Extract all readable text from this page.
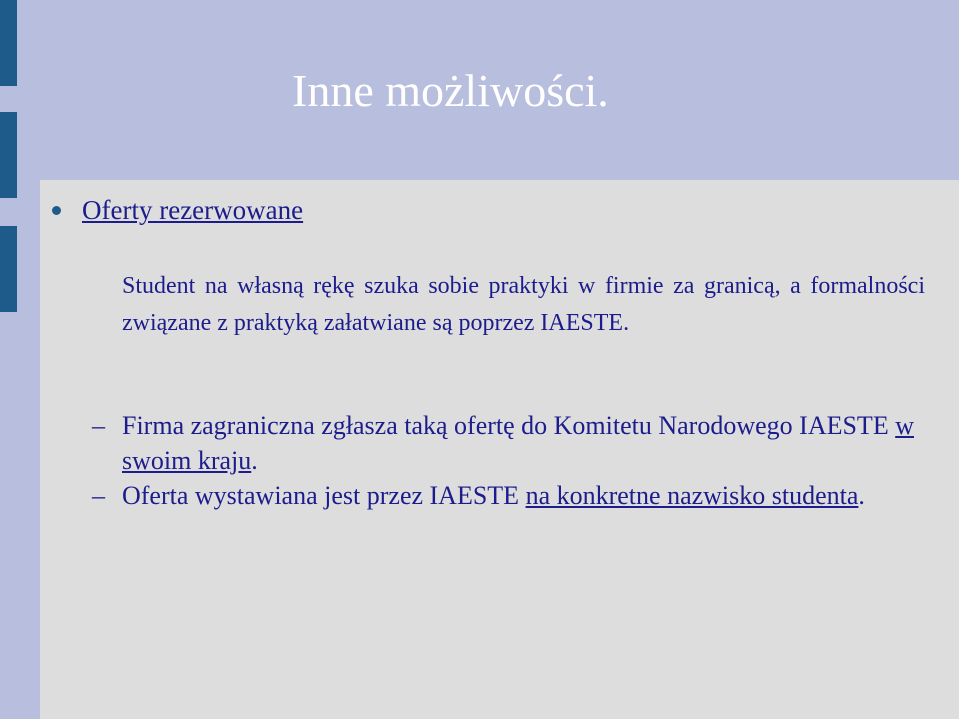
Inne możliwości.
Oferty rezerwowane
Student na własną rękę szuka sobie praktyki w firmie za granicą, a formalności związane z praktyką załatwiane są poprzez IAESTE.
– Firma zagraniczna zgłasza taką ofertę do Komitetu Narodowego IAESTE w swoim kraju.
– Oferta wystawiana jest przez IAESTE na konkretne nazwisko studenta.
